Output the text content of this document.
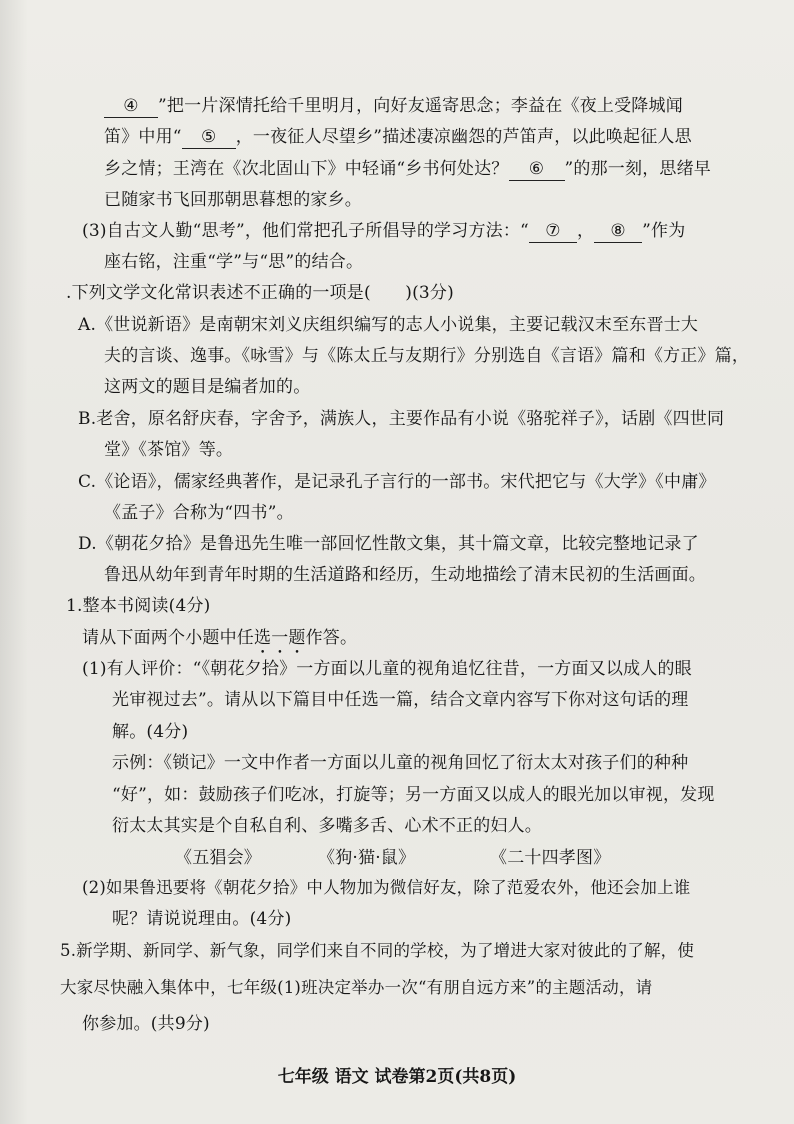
④ ”把一片深情托给千里明月，向好友遥寄思念；李益在《夜上受降城闻
笛》中用“ ⑤ ，一夜征人尽望乡”描述凄凉幽怨的芦笛声，以此唤起征人思
乡之情；王湾在《次北固山下》中轻诵“乡书何处达？ ⑥ ”的那一刻，思绪早
已随家书飞回那朝思暮想的家乡。
(3)自古文人勤“思考”，他们常把孔子所倡导的学习方法：“ ⑦ ， ⑧ ”作为
座右铭，注重“学”与“思”的结合。
.下列文学文化常识表述不正确的一项是(　　)(3分)
A.《世说新语》是南朝宋刘义庆组织编写的志人小说集，主要记载汉末至东晋士大
夫的言谈、逸事。《咏雪》与《陈太丘与友期行》分别选自《言语》篇和《方正》篇，
这两文的题目是编者加的。
B.老舍，原名舒庆春，字舍予，满族人，主要作品有小说《骆驼祥子》，话剧《四世同
堂》《茶馆》等。
C.《论语》，儒家经典著作，是记录孔子言行的一部书。宋代把它与《大学》《中庸》
《孟子》合称为“四书”。
D.《朝花夕拾》是鲁迅先生唯一部回忆性散文集，其十篇文章，比较完整地记录了
鲁迅从幼年到青年时期的生活道路和经历，生动地描绘了清末民初的生活画面。
1.整本书阅读(4分)
请从下面两个小题中任选一题作答。
(1)有人评价：“《朝花夕拾》一方面以儿童的视角追忆往昔，一方面又以成人的眼
光审视过去”。请从以下篇目中任选一篇，结合文章内容写下你对这句话的理
解。(4分)
示例：《锁记》一文中作者一方面以儿童的视角回忆了衍太太对孩子们的种种
“好”，如：鼓励孩子们吃冰，打旋等；另一方面又以成人的眼光加以审视，发现
衍太太其实是个自私自利、多嘴多舌、心术不正的妇人。
《五猖会》	《狗·猫·鼠》	《二十四孝图》
(2)如果鲁迅要将《朝花夕拾》中人物加为微信好友，除了范爱农外，他还会加上谁
呢？请说说理由。(4分)
5.新学期、新同学、新气象，同学们来自不同的学校，为了增进大家对彼此的了解，使
大家尽快融入集体中，七年级(1)班决定举办一次“有朋自远方来”的主题活动，请
你参加。(共9分)
七年级 语文 试卷第2页(共8页)
